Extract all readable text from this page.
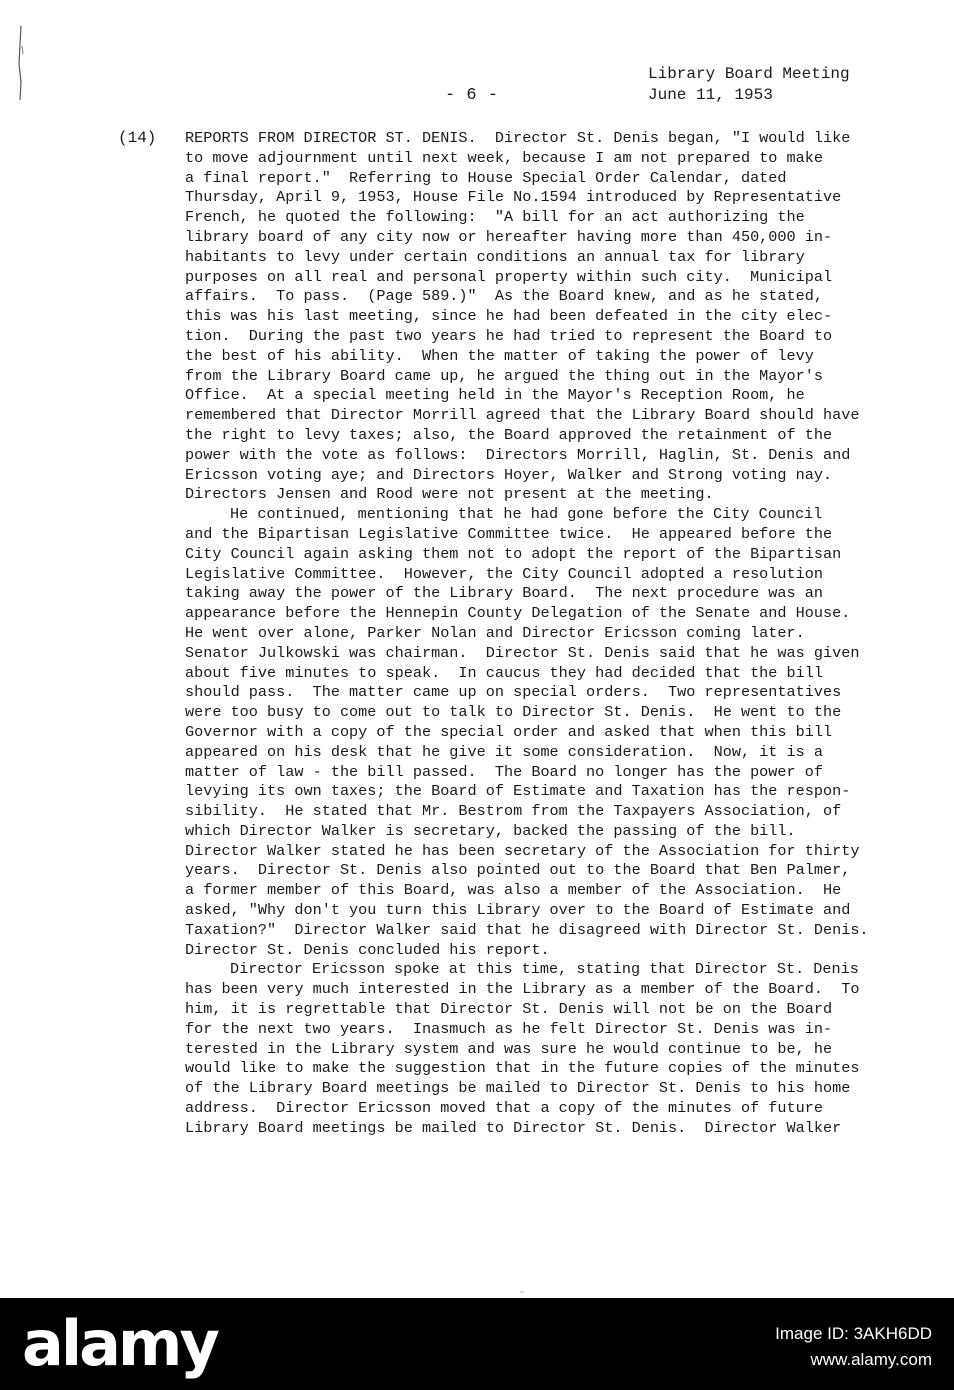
- 6 -
Library Board Meeting
June 11, 1953
(14) REPORTS FROM DIRECTOR ST. DENIS.  Director St. Denis began, "I would like
to move adjournment until next week, because I am not prepared to make
a final report."  Referring to House Special Order Calendar, dated
Thursday, April 9, 1953, House File No.1594 introduced by Representative
French, he quoted the following:  "A bill for an act authorizing the
library board of any city now or hereafter having more than 450,000 in-
habitants to levy under certain conditions an annual tax for library
purposes on all real and personal property within such city.  Municipal
affairs.  To pass.  (Page 589.)"  As the Board knew, and as he stated,
this was his last meeting, since he had been defeated in the city elec-
tion.  During the past two years he had tried to represent the Board to
the best of his ability.  When the matter of taking the power of levy
from the Library Board came up, he argued the thing out in the Mayor's
Office.  At a special meeting held in the Mayor's Reception Room, he
remembered that Director Morrill agreed that the Library Board should have
the right to levy taxes; also, the Board approved the retainment of the
power with the vote as follows:  Directors Morrill, Haglin, St. Denis and
Ericsson voting aye; and Directors Hoyer, Walker and Strong voting nay.
Directors Jensen and Rood were not present at the meeting.
He continued, mentioning that he had gone before the City Council
and the Bipartisan Legislative Committee twice.  He appeared before the
City Council again asking them not to adopt the report of the Bipartisan
Legislative Committee.  However, the City Council adopted a resolution
taking away the power of the Library Board.  The next procedure was an
appearance before the Hennepin County Delegation of the Senate and House.
He went over alone, Parker Nolan and Director Ericsson coming later.
Senator Julkowski was chairman.  Director St. Denis said that he was given
about five minutes to speak.  In caucus they had decided that the bill
should pass.  The matter came up on special orders.  Two representatives
were too busy to come out to talk to Director St. Denis.  He went to the
Governor with a copy of the special order and asked that when this bill
appeared on his desk that he give it some consideration.  Now, it is a
matter of law - the bill passed.  The Board no longer has the power of
levying its own taxes; the Board of Estimate and Taxation has the respon-
sibility.  He stated that Mr. Bestrom from the Taxpayers Association, of
which Director Walker is secretary, backed the passing of the bill.
Director Walker stated he has been secretary of the Association for thirty
years.  Director St. Denis also pointed out to the Board that Ben Palmer,
a former member of this Board, was also a member of the Association.  He
asked, "Why don't you turn this Library over to the Board of Estimate and
Taxation?"  Director Walker said that he disagreed with Director St. Denis.
Director St. Denis concluded his report.
Director Ericsson spoke at this time, stating that Director St. Denis
has been very much interested in the Library as a member of the Board.  To
him, it is regrettable that Director St. Denis will not be on the Board
for the next two years.  Inasmuch as he felt Director St. Denis was in-
terested in the Library system and was sure he would continue to be, he
would like to make the suggestion that in the future copies of the minutes
of the Library Board meetings be mailed to Director St. Denis to his home
address.  Director Ericsson moved that a copy of the minutes of future
Library Board meetings be mailed to Director St. Denis.  Director Walker
alamy	Image ID: 3AKH6DD
www.alamy.com
